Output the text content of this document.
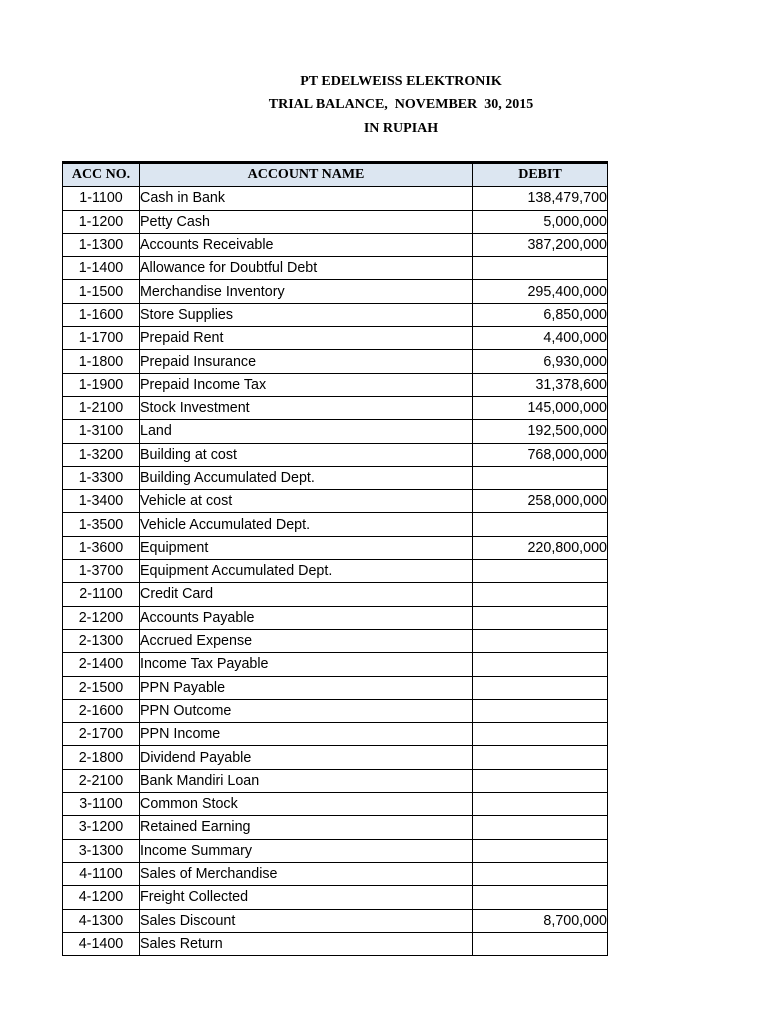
PT EDELWEISS ELEKTRONIK
TRIAL BALANCE,  NOVEMBER  30, 2015
IN RUPIAH
ACC NO.	ACCOUNT NAME	DEBIT
1-1100	Cash in Bank	138,479,700
1-1200	Petty Cash	5,000,000
1-1300	Accounts Receivable	387,200,000
1-1400	Allowance for Doubtful Debt	
1-1500	Merchandise Inventory	295,400,000
1-1600	Store Supplies	6,850,000
1-1700	Prepaid Rent	4,400,000
1-1800	Prepaid Insurance	6,930,000
1-1900	Prepaid Income Tax	31,378,600
1-2100	Stock Investment	145,000,000
1-3100	Land	192,500,000
1-3200	Building at cost	768,000,000
1-3300	Building Accumulated Dept.	
1-3400	Vehicle at cost	258,000,000
1-3500	Vehicle Accumulated Dept.	
1-3600	Equipment	220,800,000
1-3700	Equipment Accumulated Dept.	
2-1100	Credit Card	
2-1200	Accounts Payable	
2-1300	Accrued Expense	
2-1400	Income Tax Payable	
2-1500	PPN Payable	
2-1600	PPN Outcome	
2-1700	PPN Income	
2-1800	Dividend Payable	
2-2100	Bank Mandiri Loan	
3-1100	Common Stock	
3-1200	Retained Earning	
3-1300	Income Summary	
4-1100	Sales of Merchandise	
4-1200	Freight Collected	
4-1300	Sales Discount	8,700,000
4-1400	Sales Return	
